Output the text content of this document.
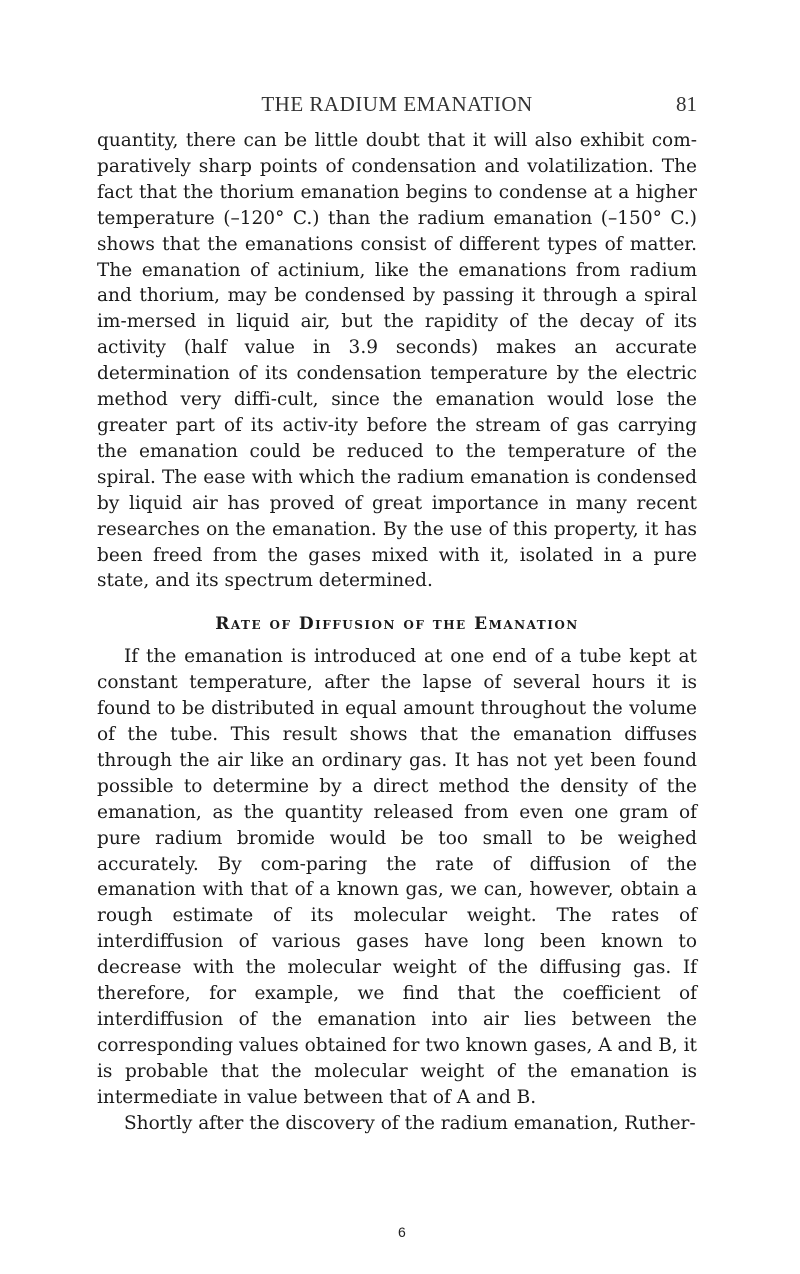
THE RADIUM EMANATION	81

quantity, there can be little doubt that it will also exhibit com-paratively sharp points of condensation and volatilization. The fact that the thorium emanation begins to condense at a higher temperature (–120° C.) than the radium emanation (–150° C.) shows that the emanations consist of different types of matter. The emanation of actinium, like the emanations from radium and thorium, may be condensed by passing it through a spiral im-mersed in liquid air, but the rapidity of the decay of its activity (half value in 3.9 seconds) makes an accurate determination of its condensation temperature by the electric method very diffi-cult, since the emanation would lose the greater part of its activ-ity before the stream of gas carrying the emanation could be reduced to the temperature of the spiral. The ease with which the radium emanation is condensed by liquid air has proved of great importance in many recent researches on the emanation. By the use of this property, it has been freed from the gases mixed with it, isolated in a pure state, and its spectrum determined.

Rate of Diffusion of the Emanation

If the emanation is introduced at one end of a tube kept at constant temperature, after the lapse of several hours it is found to be distributed in equal amount throughout the volume of the tube. This result shows that the emanation diffuses through the air like an ordinary gas. It has not yet been found possible to determine by a direct method the density of the emanation, as the quantity released from even one gram of pure radium bromide would be too small to be weighed accurately. By com-paring the rate of diffusion of the emanation with that of a known gas, we can, however, obtain a rough estimate of its molecular weight. The rates of interdiffusion of various gases have long been known to decrease with the molecular weight of the diffusing gas. If therefore, for example, we find that the coefficient of interdiffusion of the emanation into air lies between the corresponding values obtained for two known gases, A and B, it is probable that the molecular weight of the emanation is intermediate in value between that of A and B.

Shortly after the discovery of the radium emanation, Ruther-

6
